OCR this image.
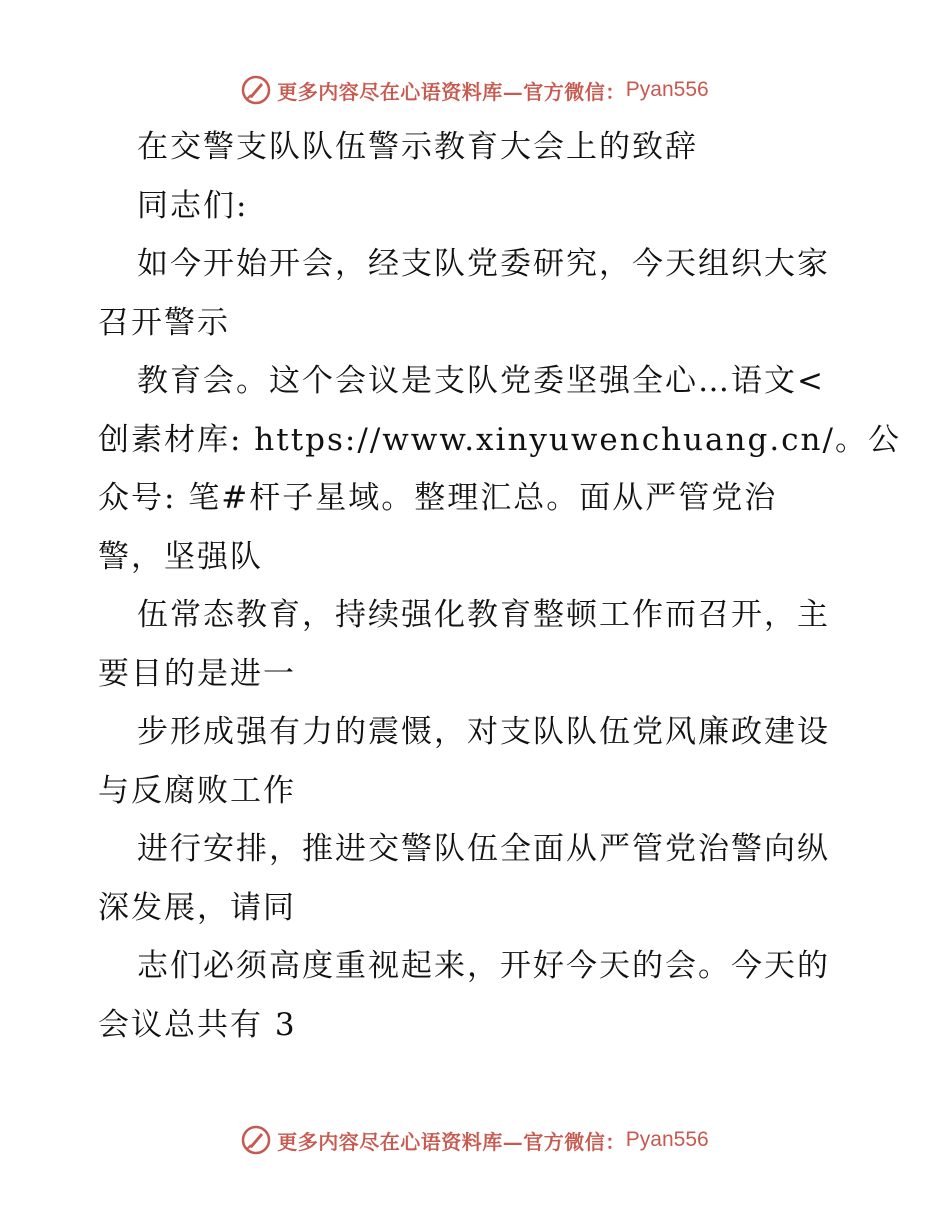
更多内容尽在心语资料库—官方微信： Pyan556
在交警支队队伍警示教育大会上的致辞
同志们:
如今开始开会，经支队党委研究，今天组织大家
召开警示
教育会。这个会议是支队党委坚强全心…语文<
创素材库: https://www.xinyuwenchuang.cn/。公
众号: 笔#杆子星域。整理汇总。面从严管党治
警，坚强队
伍常态教育，持续强化教育整顿工作而召开，主
要目的是进一
步形成强有力的震慑，对支队队伍党风廉政建设
与反腐败工作
进行安排，推进交警队伍全面从严管党治警向纵
深发展，请同
志们必须高度重视起来，开好今天的会。今天的
会议总共有 3
更多内容尽在心语资料库—官方微信： Pyan556
